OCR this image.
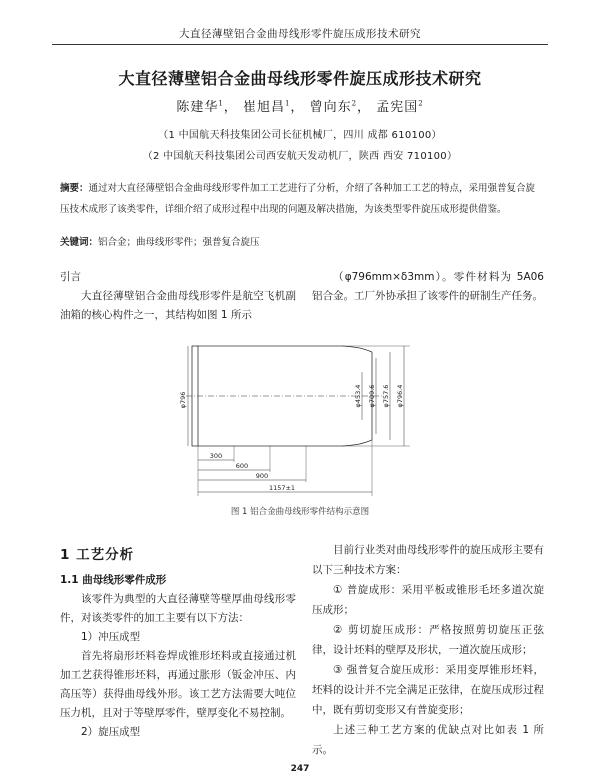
大直径薄壁铝合金曲母线形零件旋压成形技术研究
大直径薄壁铝合金曲母线形零件旋压成形技术研究
陈建华$^1$， 崔旭昌$^1$， 曾向东$^2$， 孟宪国$^2$
（1 中国航天科技集团公司长征机械厂，四川 成都 610100）
（2 中国航天科技集团公司西安航天发动机厂，陕西 西安 710100）
摘要：通过对大直径薄壁铝合金曲母线形零件加工工艺进行了分析，介绍了各种加工工艺的特点，采用强普复合旋压技术成形了该类零件，详细介绍了成形过程中出现的问题及解决措施，为该类型零件旋压成形提供借鉴。
关键词：铝合金；曲母线形零件；强普复合旋压

引言

大直径薄壁铝合金曲母线形零件是航空飞机副油箱的核心构件之一，其结构如图 1 所示

（φ796mm×δ3mm）。零件材料为 5A06 铝合金。工厂外协承担了该零件的研制生产任务。

φ796	φ453.4 φ709.6 φ757.6 φ796.4
300
600
900
1157±1
图 1 铝合金曲母线形零件结构示意图

1 工艺分析

1.1 曲母线形零件成形

该零件为典型的大直径薄壁等壁厚曲母线形零件，对该类零件的加工主要有以下方法：

1）冲压成型

首先将扇形坯料卷焊成锥形坯料或直接通过机加工艺获得锥形坯料，再通过胀形（钣金冲压、内高压等）获得曲母线外形。该工艺方法需要大吨位压力机，且对于等壁厚零件，壁厚变化不易控制。

2）旋压成型

目前行业类对曲母线形零件的旋压成形主要有以下三种技术方案：

① 普旋成形：采用平板或锥形毛坯多道次旋压成形；

② 剪切旋压成形：严格按照剪切旋压正弦律，设计坯料的壁厚及形状，一道次旋压成形；

③ 强普复合旋压成形：采用变厚锥形坯料，坯料的设计并不完全满足正弦律，在旋压成形过程中，既有剪切变形又有普旋变形；

上述三种工艺方案的优缺点对比如表 1 所示。

247
